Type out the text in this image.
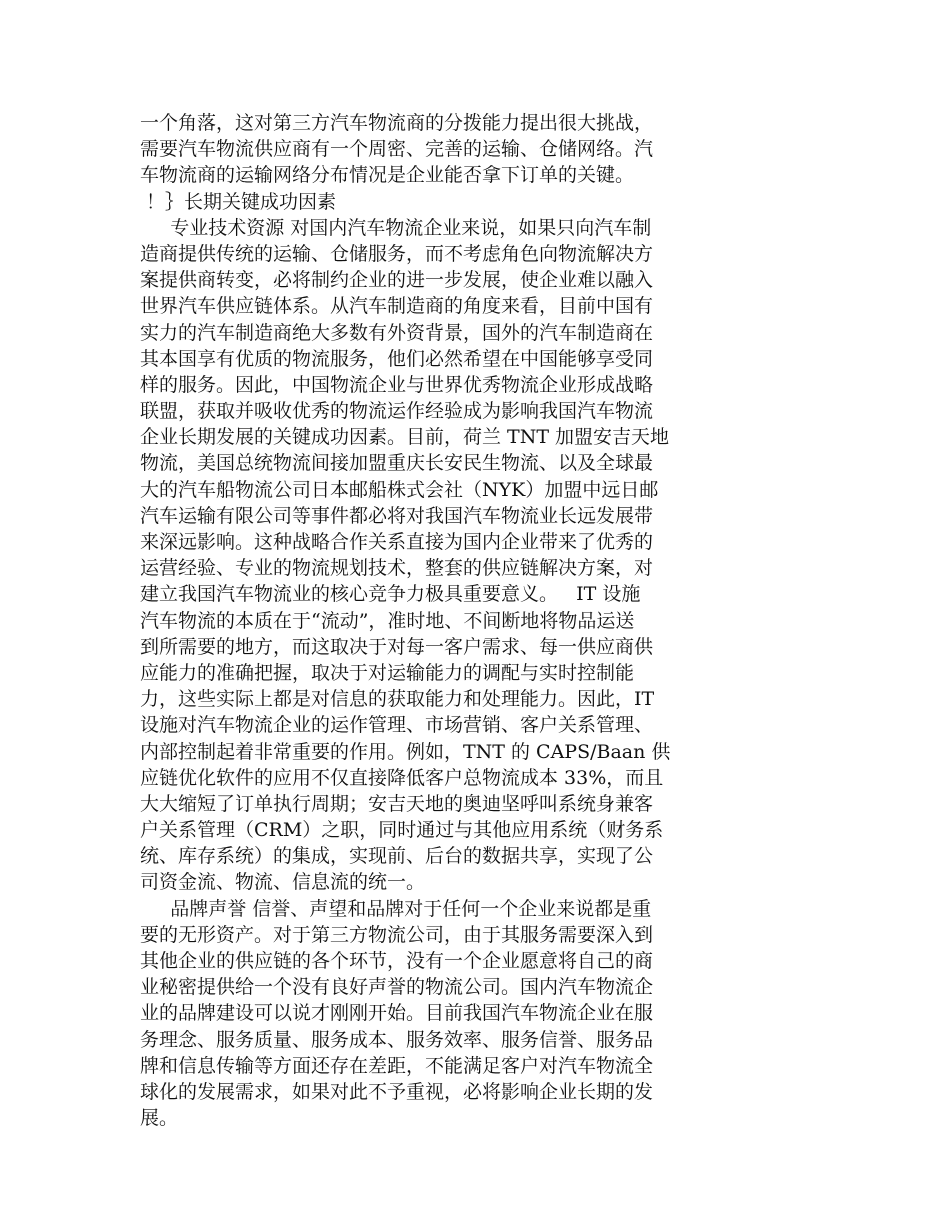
一个角落，这对第三方汽车物流商的分拨能力提出很大挑战，
需要汽车物流供应商有一个周密、完善的运输、仓储网络。汽
车物流商的运输网络分布情况是企业能否拿下订单的关键。
！｝长期关键成功因素
专业技术资源 对国内汽车物流企业来说，如果只向汽车制
造商提供传统的运输、仓储服务，而不考虑角色向物流解决方
案提供商转变，必将制约企业的进一步发展，使企业难以融入
世界汽车供应链体系。从汽车制造商的角度来看，目前中国有
实力的汽车制造商绝大多数有外资背景，国外的汽车制造商在
其本国享有优质的物流服务，他们必然希望在中国能够享受同
样的服务。因此，中国物流企业与世界优秀物流企业形成战略
联盟，获取并吸收优秀的物流运作经验成为影响我国汽车物流
企业长期发展的关键成功因素。目前，荷兰 TNT 加盟安吉天地
物流，美国总统物流间接加盟重庆长安民生物流、以及全球最
大的汽车船物流公司日本邮船株式会社（NYK）加盟中远日邮
汽车运输有限公司等事件都必将对我国汽车物流业长远发展带
来深远影响。这种战略合作关系直接为国内企业带来了优秀的
运营经验、专业的物流规划技术，整套的供应链解决方案，对
建立我国汽车物流业的核心竞争力极具重要意义。   IT 设施
汽车物流的本质在于“流动”，准时地、不间断地将物品运送
到所需要的地方，而这取决于对每一客户需求、每一供应商供
应能力的准确把握，取决于对运输能力的调配与实时控制能
力，这些实际上都是对信息的获取能力和处理能力。因此，IT
设施对汽车物流企业的运作管理、市场营销、客户关系管理、
内部控制起着非常重要的作用。例如，TNT 的 CAPS/Baan 供
应链优化软件的应用不仅直接降低客户总物流成本 33%，而且
大大缩短了订单执行周期；安吉天地的奥迪坚呼叫系统身兼客
户关系管理（CRM）之职，同时通过与其他应用系统（财务系
统、库存系统）的集成，实现前、后台的数据共享，实现了公
司资金流、物流、信息流的统一。
品牌声誉 信誉、声望和品牌对于任何一个企业来说都是重
要的无形资产。对于第三方物流公司，由于其服务需要深入到
其他企业的供应链的各个环节，没有一个企业愿意将自己的商
业秘密提供给一个没有良好声誉的物流公司。国内汽车物流企
业的品牌建设可以说才刚刚开始。目前我国汽车物流企业在服
务理念、服务质量、服务成本、服务效率、服务信誉、服务品
牌和信息传输等方面还存在差距，不能满足客户对汽车物流全
球化的发展需求，如果对此不予重视，必将影响企业长期的发
展。
